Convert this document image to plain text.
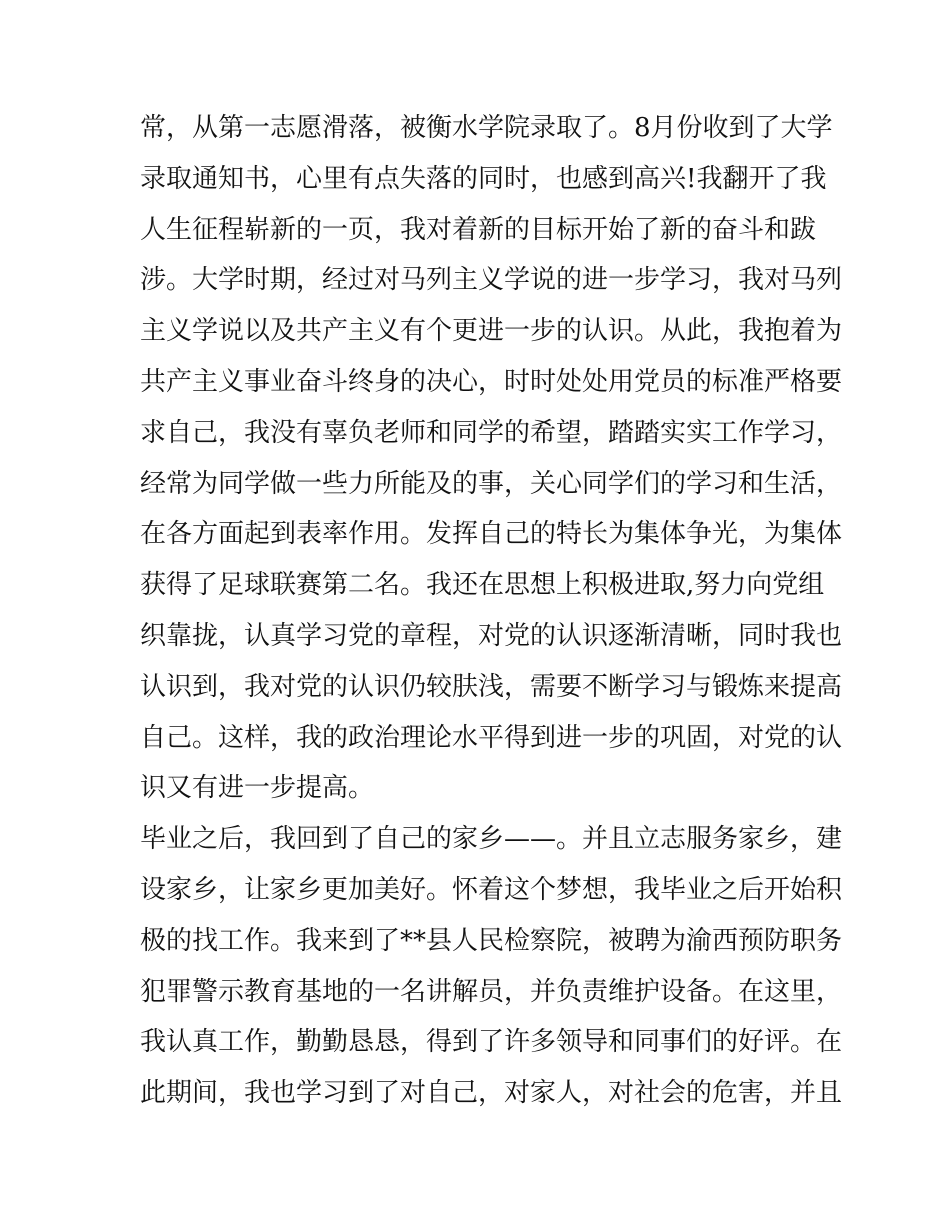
常，从第一志愿滑落，被衡水学院录取了。8月份收到了大学
录取通知书，心里有点失落的同时，也感到高兴!我翻开了我
人生征程崭新的一页，我对着新的目标开始了新的奋斗和跋
涉。大学时期，经过对马列主义学说的进一步学习，我对马列
主义学说以及共产主义有个更进一步的认识。从此，我抱着为
共产主义事业奋斗终身的决心，时时处处用党员的标准严格要
求自己，我没有辜负老师和同学的希望，踏踏实实工作学习，
经常为同学做一些力所能及的事，关心同学们的学习和生活，
在各方面起到表率作用。发挥自己的特长为集体争光，为集体
获得了足球联赛第二名。我还在思想上积极进取,努力向党组
织靠拢，认真学习党的章程，对党的认识逐渐清晰，同时我也
认识到，我对党的认识仍较肤浅，需要不断学习与锻炼来提高
自己。这样，我的政治理论水平得到进一步的巩固，对党的认
识又有进一步提高。
毕业之后，我回到了自己的家乡——。并且立志服务家乡，建
设家乡，让家乡更加美好。怀着这个梦想，我毕业之后开始积
极的找工作。我来到了**县人民检察院，被聘为渝西预防职务
犯罪警示教育基地的一名讲解员，并负责维护设备。在这里，
我认真工作，勤勤恳恳，得到了许多领导和同事们的好评。在
此期间，我也学习到了对自己，对家人，对社会的危害，并且
